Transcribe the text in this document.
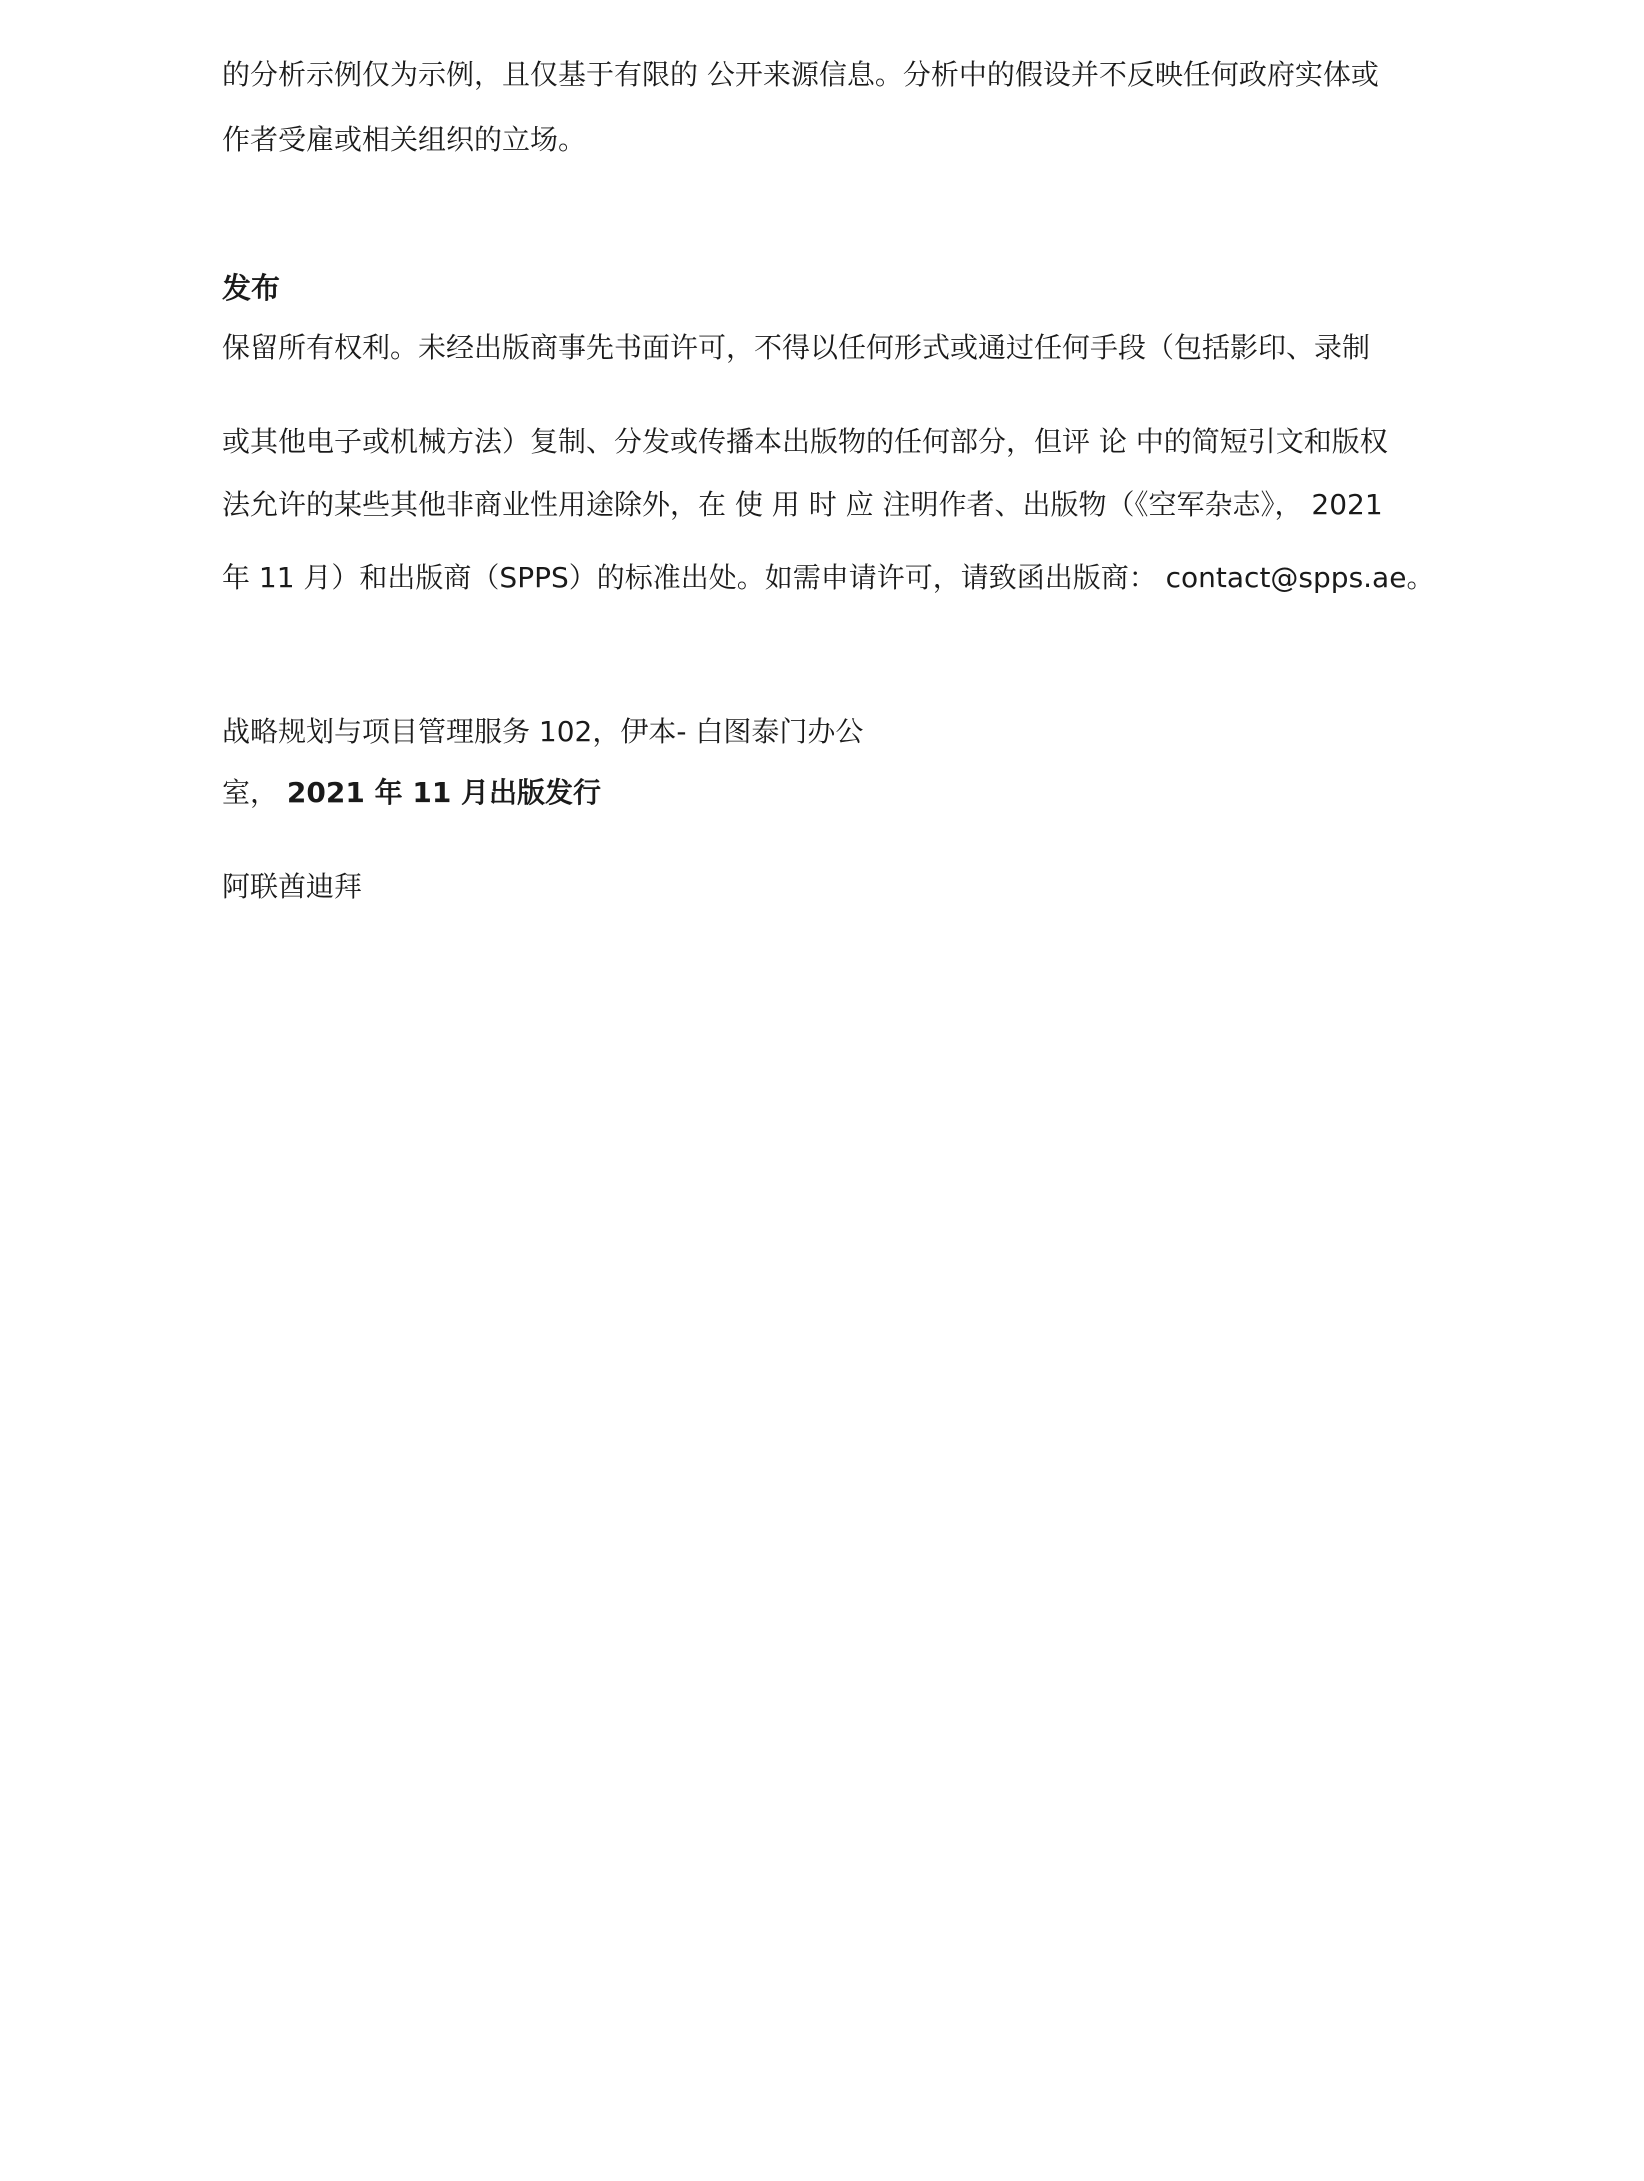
的分析示例仅为示例，且仅基于有限的 公开来源信息。分析中的假设并不反映任何政府实体或
作者受雇或相关组织的立场。
发布
保留所有权利。未经出版商事先书面许可，不得以任何形式或通过任何手段（包括影印、录制
或其他电子或机械方法）复制、分发或传播本出版物的任何部分，但评 论 中的简短引文和版权
法允许的某些其他非商业性用途除外，在 使 用 时 应 注明作者、出版物（《空军杂志》， 2021
年 11 月）和出版商（SPPS）的标准出处。如需申请许可，请致函出版商： contact@spps.ae。
战略规划与项目管理服务 102，伊本- 白图泰门办公
室， 2021 年 11 月出版发行
阿联酋迪拜
